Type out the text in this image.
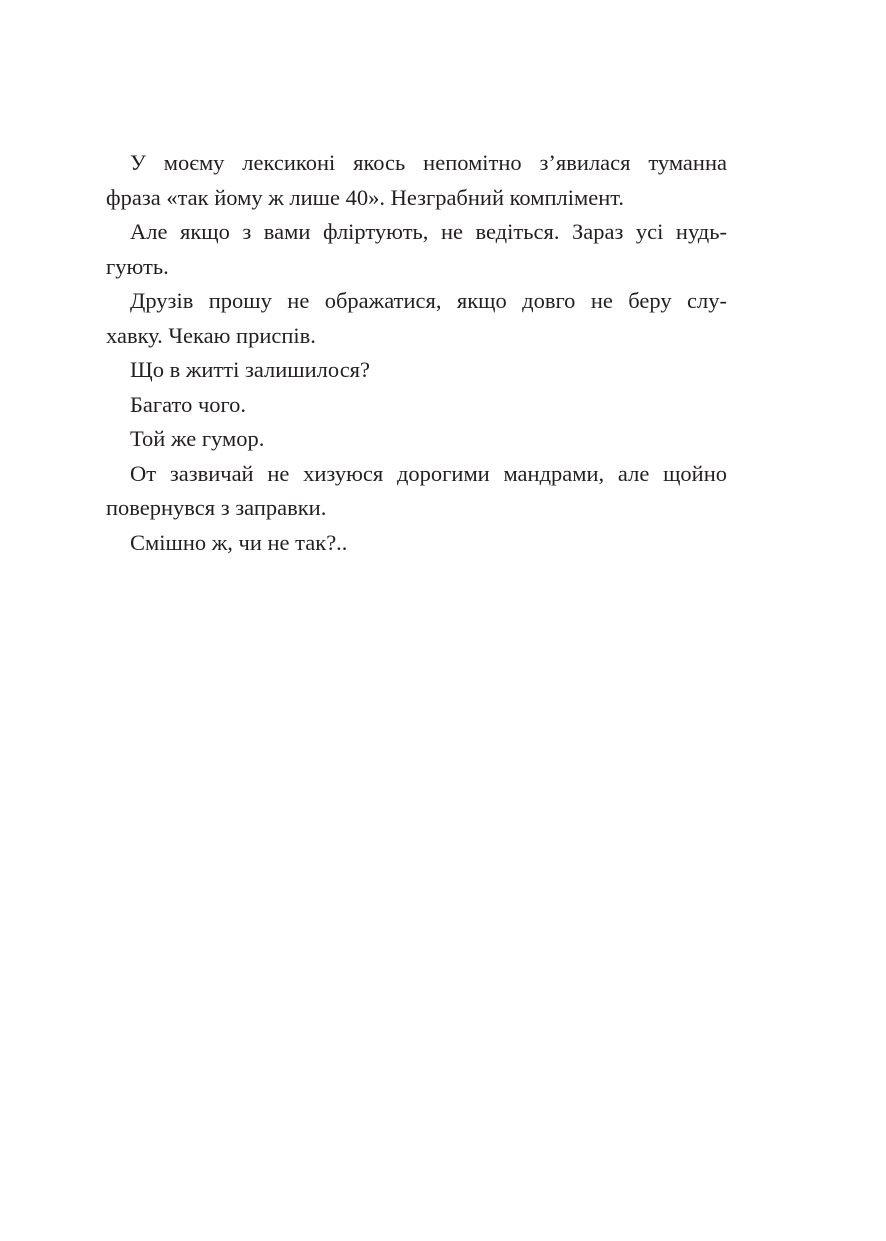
У моєму лексиконі якось непомітно з’явилася туманна
фраза «так йому ж лише 40». Незграбний комплімент.

Але якщо з вами фліртують, не ведіться. Зараз усі нудь-
гують.

Друзів прошу не ображатися, якщо довго не беру слу-
хавку. Чекаю приспів.

Що в житті залишилося?

Багато чого.

Той же гумор.

От зазвичай не хизуюся дорогими мандрами, але щойно
повернувся з заправки.

Смішно ж, чи не так?..
